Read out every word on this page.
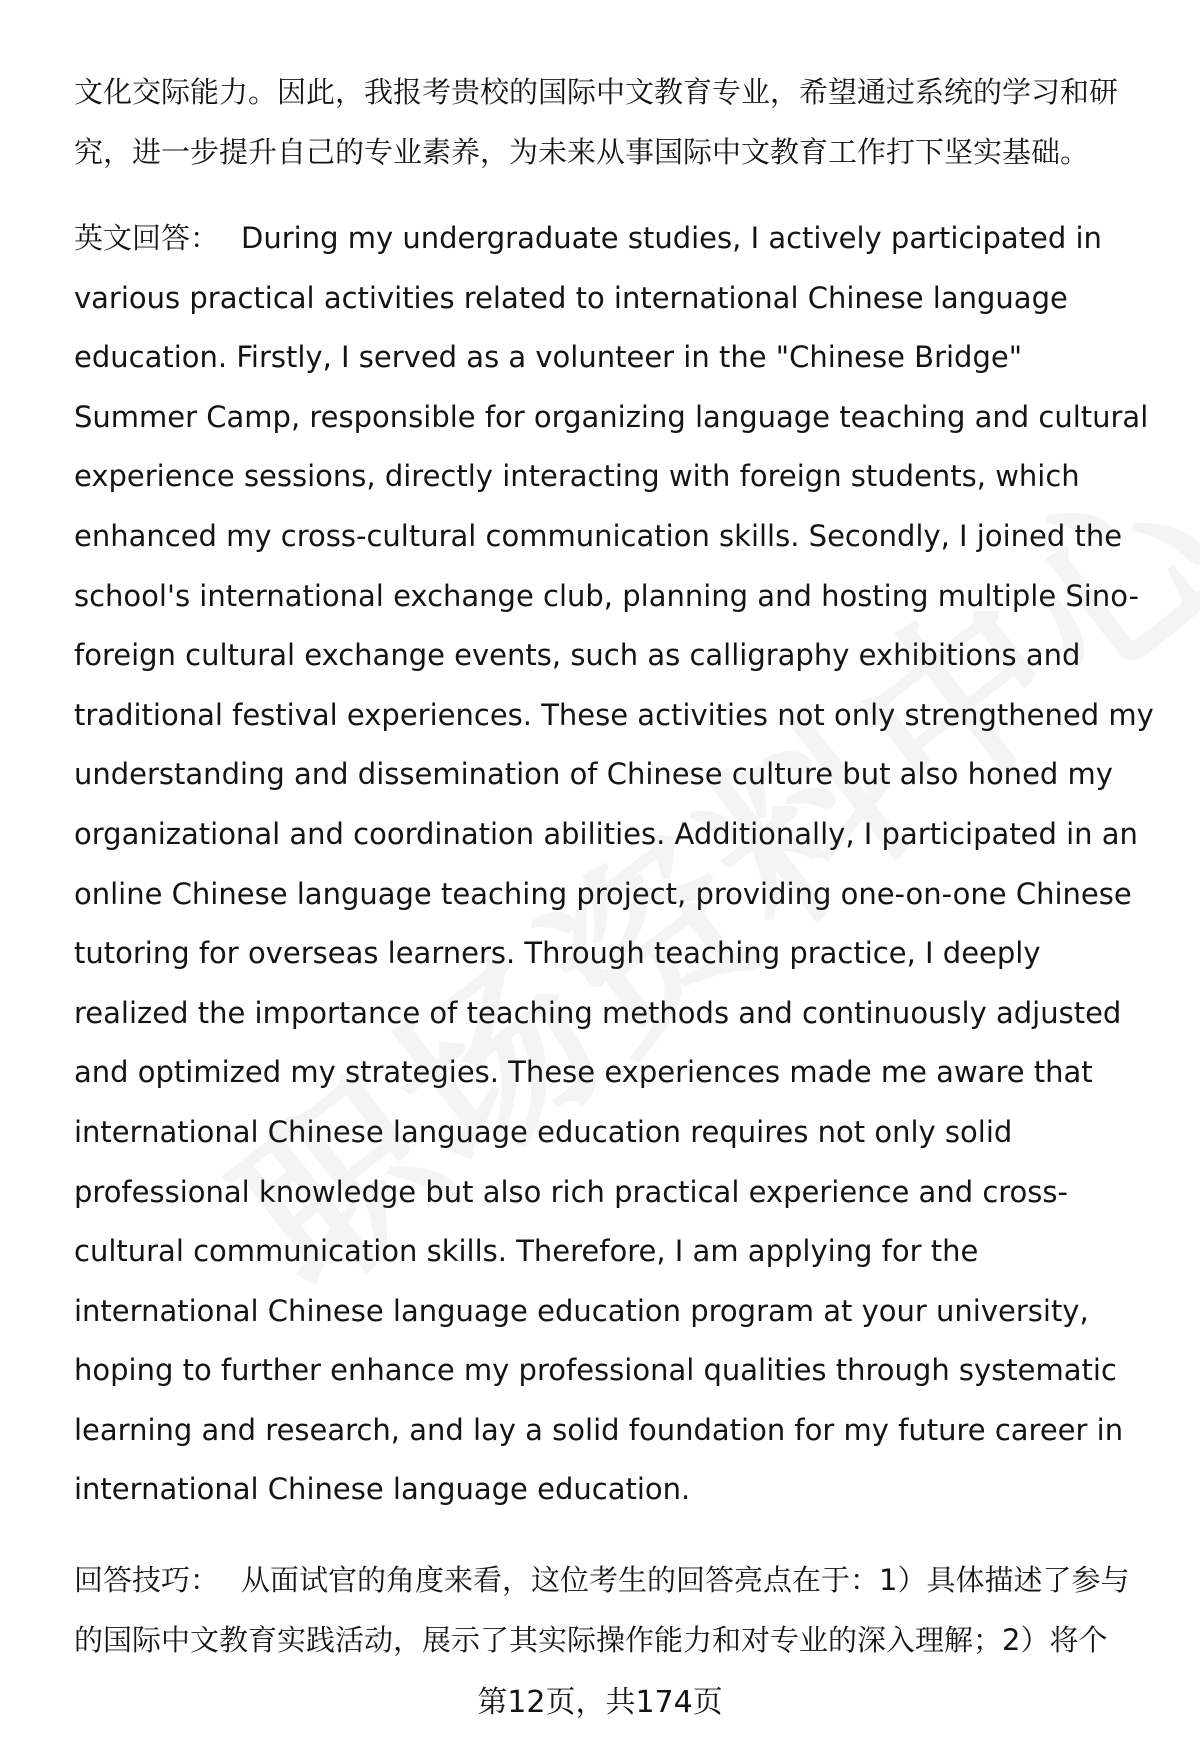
文化交际能力。因此，我报考贵校的国际中文教育专业，希望通过系统的学习和研究，进一步提升自己的专业素养，为未来从事国际中文教育工作打下坚实基础。

英文回答： During my undergraduate studies, I actively participated in various practical activities related to international Chinese language education. Firstly, I served as a volunteer in the "Chinese Bridge" Summer Camp, responsible for organizing language teaching and cultural experience sessions, directly interacting with foreign students, which enhanced my cross-cultural communication skills. Secondly, I joined the school's international exchange club, planning and hosting multiple Sino-foreign cultural exchange events, such as calligraphy exhibitions and traditional festival experiences. These activities not only strengthened my understanding and dissemination of Chinese culture but also honed my organizational and coordination abilities. Additionally, I participated in an online Chinese language teaching project, providing one-on-one Chinese tutoring for overseas learners. Through teaching practice, I deeply realized the importance of teaching methods and continuously adjusted and optimized my strategies. These experiences made me aware that international Chinese language education requires not only solid professional knowledge but also rich practical experience and cross-cultural communication skills. Therefore, I am applying for the international Chinese language education program at your university, hoping to further enhance my professional qualities through systematic learning and research, and lay a solid foundation for my future career in international Chinese language education.

回答技巧： 从面试官的角度来看，这位考生的回答亮点在于：1）具体描述了参与的国际中文教育实践活动，展示了其实际操作能力和对专业的深入理解；2）将个

第12页，共174页
